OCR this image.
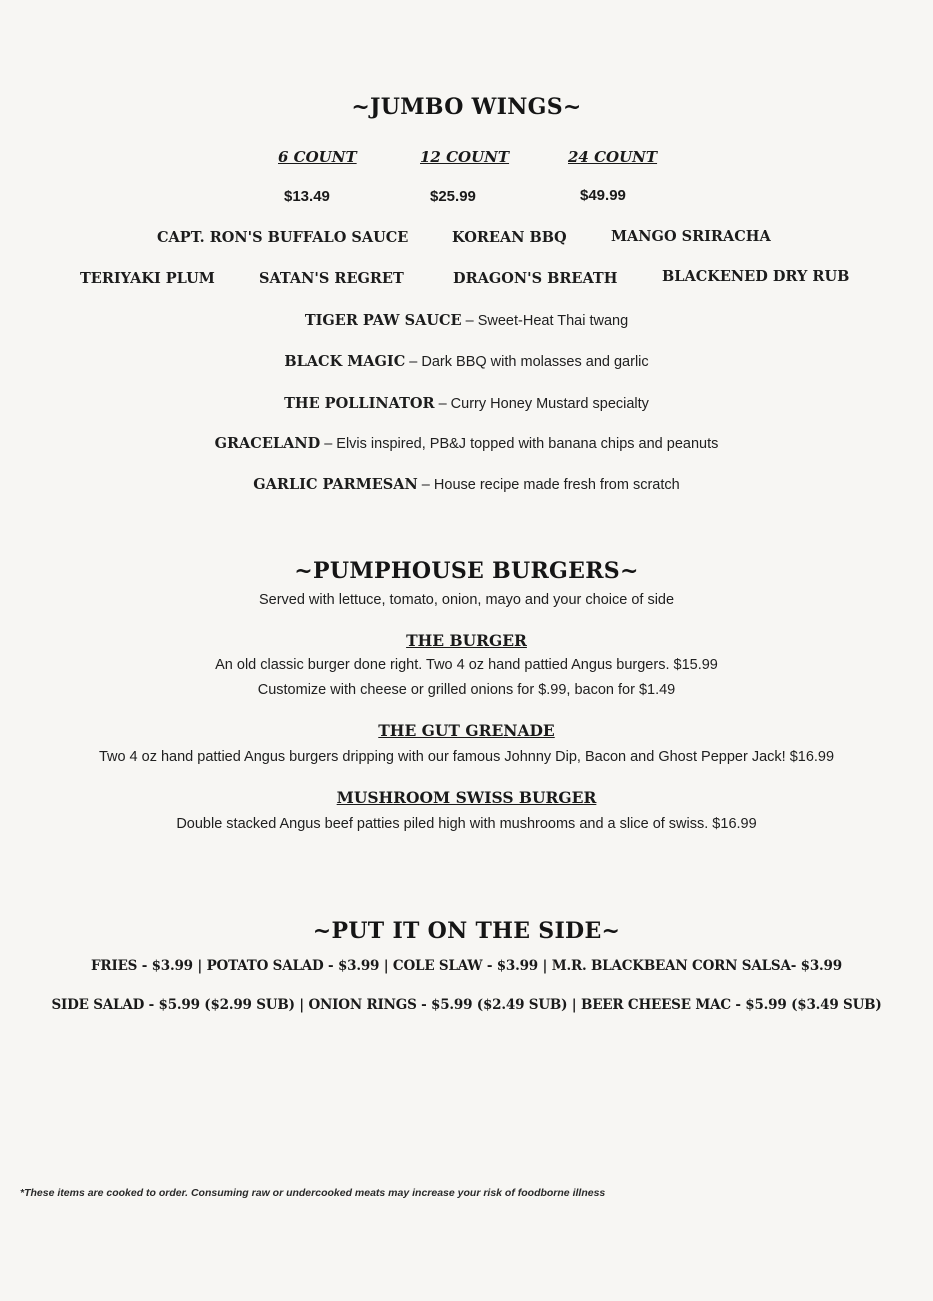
~JUMBO WINGS~
6 COUNT	12 COUNT	24 COUNT
$13.49	$25.99	$49.99
CAPT. RON'S BUFFALO SAUCE	KOREAN BBQ	MANGO SRIRACHA
TERIYAKI PLUM	SATAN'S REGRET	DRAGON'S BREATH	BLACKENED DRY RUB
TIGER PAW SAUCE – Sweet-Heat Thai twang
BLACK MAGIC – Dark BBQ with molasses and garlic
THE POLLINATOR – Curry Honey Mustard specialty
GRACELAND – Elvis inspired, PB&J topped with banana chips and peanuts
GARLIC PARMESAN – House recipe made fresh from scratch
~PUMPHOUSE BURGERS~
Served with lettuce, tomato, onion, mayo and your choice of side
THE BURGER
An old classic burger done right. Two 4 oz hand pattied Angus burgers. $15.99
Customize with cheese or grilled onions for $.99, bacon for $1.49
THE GUT GRENADE
Two 4 oz hand pattied Angus burgers dripping with our famous Johnny Dip, Bacon and Ghost Pepper Jack! $16.99
MUSHROOM SWISS BURGER
Double stacked Angus beef patties piled high with mushrooms and a slice of swiss. $16.99
~PUT IT ON THE SIDE~
FRIES - $3.99 | POTATO SALAD - $3.99 | COLE SLAW - $3.99 | M.R. BLACKBEAN CORN SALSA- $3.99
SIDE SALAD - $5.99 ($2.99 SUB) | ONION RINGS - $5.99 ($2.49 SUB) | BEER CHEESE MAC - $5.99 ($3.49 SUB)
*These items are cooked to order. Consuming raw or undercooked meats may increase your risk of foodborne illness
